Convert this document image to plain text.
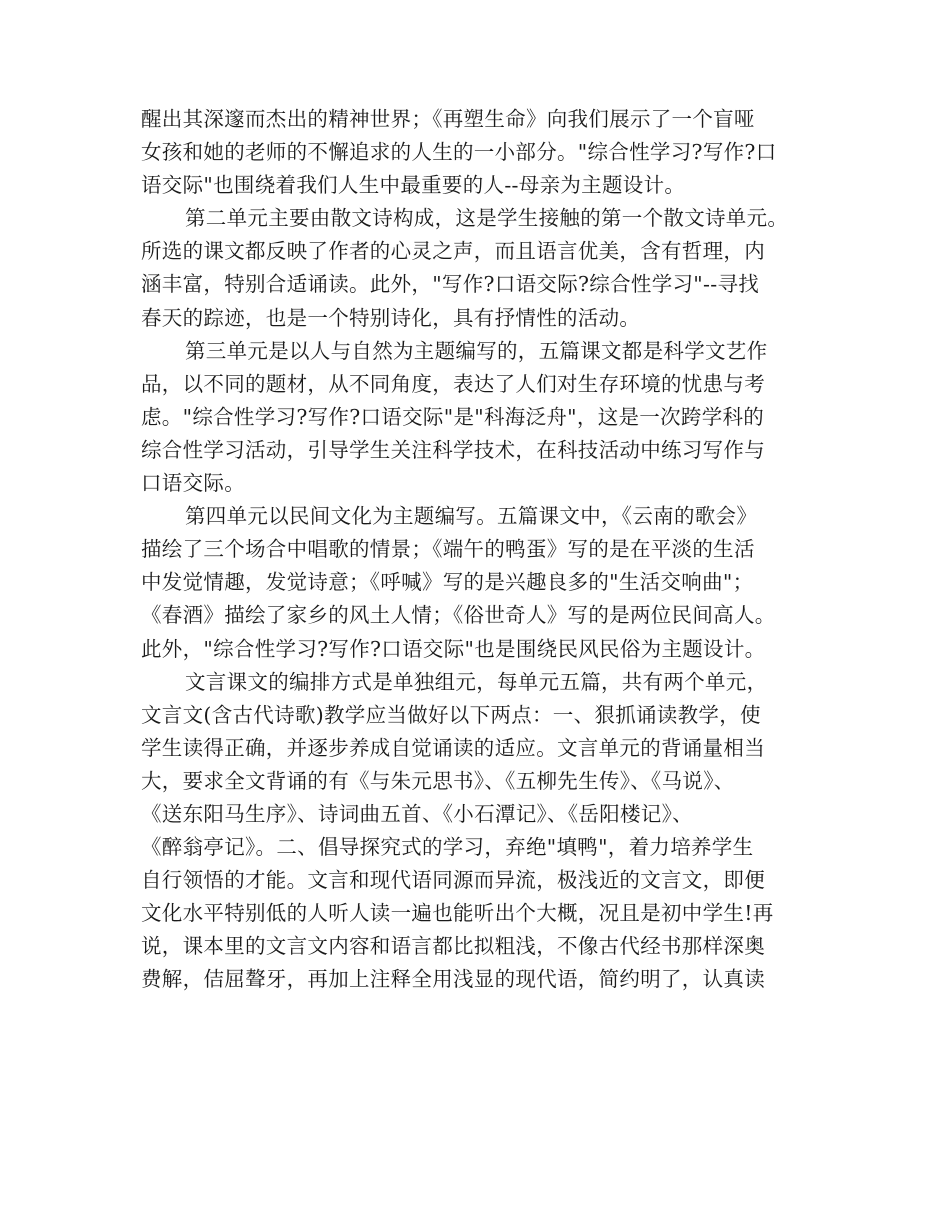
醒出其深邃而杰出的精神世界；《再塑生命》向我们展示了一个盲哑
女孩和她的老师的不懈追求的人生的一小部分。"综合性学习?写作?口
语交际"也围绕着我们人生中最重要的人--母亲为主题设计。
第二单元主要由散文诗构成，这是学生接触的第一个散文诗单元。
所选的课文都反映了作者的心灵之声，而且语言优美，含有哲理，内
涵丰富，特别合适诵读。此外，"写作?口语交际?综合性学习"--寻找
春天的踪迹，也是一个特别诗化，具有抒情性的活动。
第三单元是以人与自然为主题编写的，五篇课文都是科学文艺作
品，以不同的题材，从不同角度，表达了人们对生存环境的忧患与考
虑。"综合性学习?写作?口语交际"是"科海泛舟"，这是一次跨学科的
综合性学习活动，引导学生关注科学技术，在科技活动中练习写作与
口语交际。
第四单元以民间文化为主题编写。五篇课文中，《云南的歌会》
描绘了三个场合中唱歌的情景；《端午的鸭蛋》写的是在平淡的生活
中发觉情趣，发觉诗意；《呼喊》写的是兴趣良多的"生活交响曲"；
《春酒》描绘了家乡的风土人情；《俗世奇人》写的是两位民间高人。
此外，"综合性学习?写作?口语交际"也是围绕民风民俗为主题设计。
文言课文的编排方式是单独组元，每单元五篇，共有两个单元，
文言文(含古代诗歌)教学应当做好以下两点：一、狠抓诵读教学，使
学生读得正确，并逐步养成自觉诵读的适应。文言单元的背诵量相当
大，要求全文背诵的有《与朱元思书》、《五柳先生传》、《马说》、
《送东阳马生序》、诗词曲五首、《小石潭记》、《岳阳楼记》、
《醉翁亭记》。二、倡导探究式的学习，弃绝"填鸭"，着力培养学生
自行领悟的才能。文言和现代语同源而异流，极浅近的文言文，即便
文化水平特别低的人听人读一遍也能听出个大概，况且是初中学生!再
说，课本里的文言文内容和语言都比拟粗浅，不像古代经书那样深奥
费解，佶屈聱牙，再加上注释全用浅显的现代语，简约明了，认真读
